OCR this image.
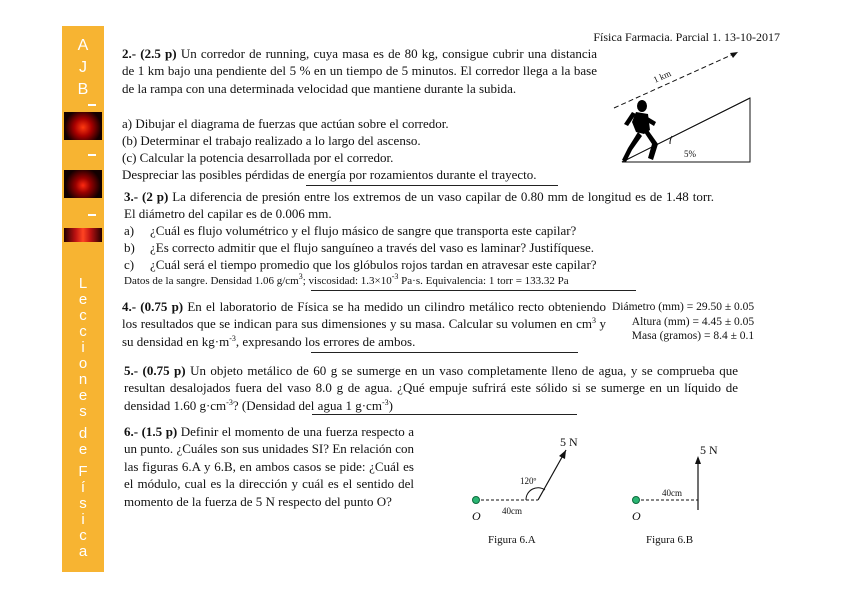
A
J
B
L
e
c
c
i
o
n
e
s
d
e
F
í
s
i
c
a
Física Farmacia. Parcial 1. 13-10-2017
2.- (2.5 p) Un corredor de running, cuya masa es de 80 kg, consigue cubrir una distancia de 1 km bajo una pendiente del 5 % en un tiempo de 5 minutos. El corredor llega a la base de la rampa con una determinada velocidad que mantiene durante la subida.
a) Dibujar el diagrama de fuerzas que actúan sobre el corredor.
(b) Determinar el trabajo realizado a lo largo del ascenso.
(c) Calcular la potencia desarrollada por el corredor.
Despreciar las posibles pérdidas de energía por rozamientos durante el trayecto.
1 km
5%
3.- (2 p) La diferencia de presión entre los extremos de un vaso capilar de 0.80 mm de longitud es de 1.48 torr. El diámetro del capilar es de 0.006 mm.
a) ¿Cuál es flujo volumétrico y el flujo másico de sangre que transporta este capilar?
b) ¿Es correcto admitir que el flujo sanguíneo a través del vaso es laminar? Justifíquese.
c) ¿Cuál será el tiempo promedio que los glóbulos rojos tardan en atravesar este capilar?
Datos de la sangre. Densidad 1.06 $g/cm^3$; viscosidad: $1.3\times 10^{-3}$ Pa·s. Equivalencia: 1 torr = 133.32 Pa
4.- (0.75 p) En el laboratorio de Física se ha medido un cilindro metálico recto obteniendo los resultados que se indican para sus dimensiones y su masa. Calcular su volumen en $cm^3$ y su densidad en $kg\cdot m^{-3}$, expresando los errores de ambos.
Diámetro (mm) = 29.50 ± 0.05
Altura (mm) = 4.45 ± 0.05
Masa (gramos) = 8.4 ± 0.1
5.- (0.75 p) Un objeto metálico de 60 g se sumerge en un vaso completamente lleno de agua, y se comprueba que resultan desalojados fuera del vaso 8.0 g de agua. ¿Qué empuje sufrirá este sólido si se sumerge en un líquido de densidad 1.60 $g\cdot cm^{-3}$? (Densidad del agua 1 $g\cdot cm^{-3}$)
6.- (1.5 p) Definir el momento de una fuerza respecto a un punto. ¿Cuáles son sus unidades SI? En relación con las figuras 6.A y 6.B, en ambos casos se pide: ¿Cuál es el módulo, cual es la dirección y cuál es el sentido del momento de la fuerza de 5 N respecto del punto O?
5 N
120º
O 40cm
Figura 6.A
5 N
O
40cm
Figura 6.B
